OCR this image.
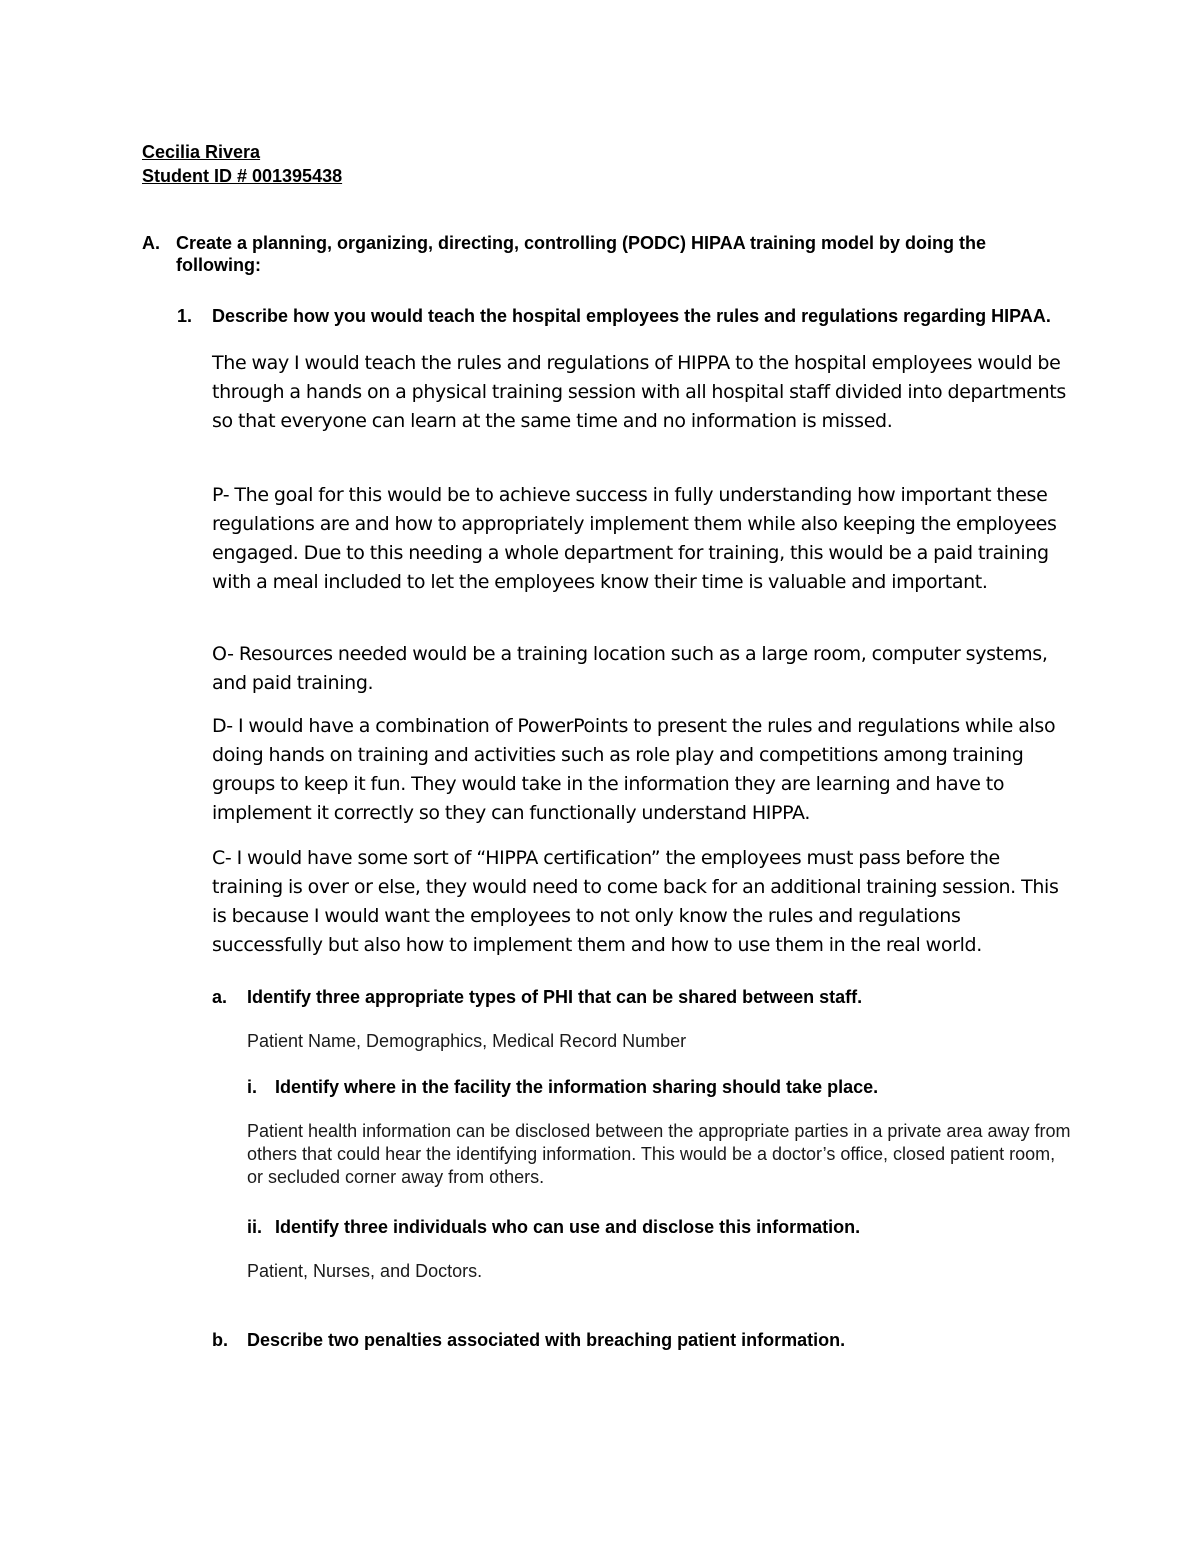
Cecilia Rivera
Student ID # 001395438
A. Create a planning, organizing, directing, controlling (PODC) HIPAA training model by doing the following:
1. Describe how you would teach the hospital employees the rules and regulations regarding HIPAA.
The way I would teach the rules and regulations of HIPPA to the hospital employees would be through a hands on a physical training session with all hospital staff divided into departments so that everyone can learn at the same time and no information is missed.
P- The goal for this would be to achieve success in fully understanding how important these regulations are and how to appropriately implement them while also keeping the employees engaged. Due to this needing a whole department for training, this would be a paid training with a meal included to let the employees know their time is valuable and important.
O- Resources needed would be a training location such as a large room, computer systems, and paid training.
D- I would have a combination of PowerPoints to present the rules and regulations while also doing hands on training and activities such as role play and competitions among training groups to keep it fun. They would take in the information they are learning and have to implement it correctly so they can functionally understand HIPPA.
C- I would have some sort of “HIPPA certification” the employees must pass before the training is over or else, they would need to come back for an additional training session. This is because I would want the employees to not only know the rules and regulations successfully but also how to implement them and how to use them in the real world.
a. Identify three appropriate types of PHI that can be shared between staff.
Patient Name, Demographics, Medical Record Number
i. Identify where in the facility the information sharing should take place.
Patient health information can be disclosed between the appropriate parties in a private area away from others that could hear the identifying information. This would be a doctor’s office, closed patient room, or secluded corner away from others.
ii. Identify three individuals who can use and disclose this information.
Patient, Nurses, and Doctors.
b. Describe two penalties associated with breaching patient information.
